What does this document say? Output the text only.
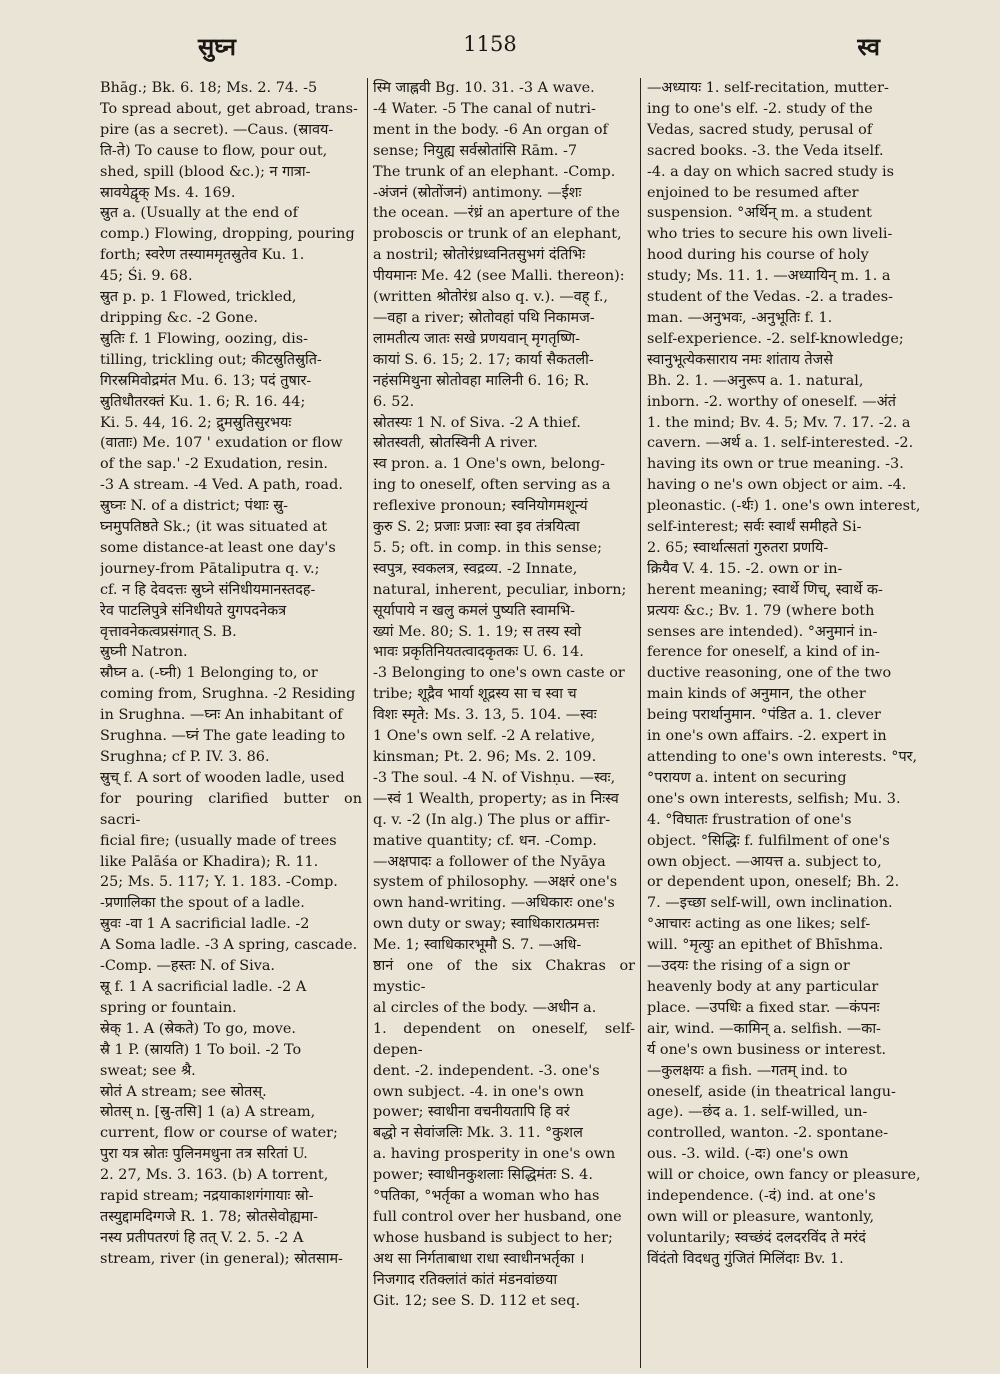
सुघ्न	1158	स्व

Bhāg.; Bk. 6. 18; Ms. 2. 74. -5

To spread about, get abroad, trans-

pire (as a secret). —Caus. (स्रावय-

ति-ते) To cause to flow, pour out,

shed, spill (blood &c.); न गात्रा-

स्रावयेद्वृक् Ms. 4. 169.

स्रुत a. (Usually at the end of

comp.) Flowing, dropping, pouring

forth; स्वरेण तस्याममृतस्रुतेव Ku. 1.

45; Śi. 9. 68.

स्रुत p. p. 1 Flowed, trickled,

dripping &c. -2 Gone.

स्रुतिः f. 1 Flowing, oozing, dis-

tilling, trickling out; कीटस्रुतिस्रुति-

गिरस्रमिवोद्रमंत Mu. 6. 13; पदं तुषार-

स्रुतिधौतरक्तं Ku. 1. 6; R. 16. 44;

Ki. 5. 44, 16. 2; द्रुमस्रुतिसुरभयः

(वाताः) Me. 107 ' exudation or flow

of the sap.' -2 Exudation, resin.

-3 A stream. -4 Ved. A path, road.

स्रुघ्नः N. of a district; पंथाः स्रु-

घ्नमुपतिष्ठते Sk.; (it was situated at

some distance-at least one day's

journey-from Pātaliputra q. v.;

cf. न हि देवदत्तः स्रुघ्ने संनिधीयमानस्तदह-

रेव पाटलिपुत्रे संनिधीयते युगपदनेकत्र

वृत्तावनेकत्वप्रसंगात् S. B.

स्रुघ्नी Natron.

स्रौघ्न a. (-घ्नी) 1 Belonging to, or

coming from, Srughna. -2 Residing

in Srughna. —घ्नः An inhabitant of

Srughna. —घ्नं The gate leading to

Srughna; cf P. IV. 3. 86.

स्रुच् f. A sort of wooden ladle, used

for pouring clarified butter on sacri-

ficial fire; (usually made of trees

like Palāśa or Khadira); R. 11.

25; Ms. 5. 117; Y. 1. 183. -Comp.

-प्रणालिका the spout of a ladle.

स्रुवः -वा 1 A sacrificial ladle. -2

A Soma ladle. -3 A spring, cascade.

-Comp. —हस्तः N. of Siva.

स्रू f. 1 A sacrificial ladle. -2 A

spring or fountain.

स्रेक् 1. A (स्रेकते) To go, move.

स्रै 1 P. (स्रायति) 1 To boil. -2 To

sweat; see श्रै.

स्रोतं A stream; see स्रोतस्.

स्रोतस् n. [स्रु-तसि] 1 (a) A stream,

current, flow or course of water;

पुरा यत्र स्रोतः पुलिनमधुना तत्र सरितां U.

2. 27, Ms. 3. 163. (b) A torrent,

rapid stream; नद्रयाकाशगंगायाः स्रो-

तस्युद्दामदिग्गजे R. 1. 78; स्रोतसेवोह्यमा-

नस्य प्रतीपतरणं हि तत् V. 2. 5. -2 A

stream, river (in general); स्रोतसाम-

स्मि जाह्नवी Bg. 10. 31. -3 A wave.

-4 Water. -5 The canal of nutri-

ment in the body. -6 An organ of

sense; नियुह्य सर्वस्रोतांसि Rām. -7

The trunk of an elephant. -Comp.

-अंजनं (स्रोतोंजनं) antimony. —ईशः

the ocean. —रंध्रं an aperture of the

proboscis or trunk of an elephant,

a nostril; स्रोतोरंध्रध्वनितसुभगं दंतिभिः

पीयमानः Me. 42 (see Malli. thereon):

(written श्रोतोरंध्र also q. v.). —वह् f.,

—वहा a river; स्रोतोवहां पथि निकामज-

लामतीत्य जातः सखे प्रणयवान् मृगतृष्णि-

कायां S. 6. 15; 2. 17; कार्या सैकतली-

नहंसमिथुना स्रोतोवहा मालिनी 6. 16; R.

6. 52.

स्रोतस्यः 1 N. of Siva. -2 A thief.

स्रोतस्वती, स्रोतस्विनी A river.

स्व pron. a. 1 One's own, belong-

ing to oneself, often serving as a

reflexive pronoun; स्वनियोगमशून्यं

कुरु S. 2; प्रजाः प्रजाः स्वा इव तंत्रयित्वा

5. 5; oft. in comp. in this sense;

स्वपुत्र, स्वकलत्र, स्वद्रव्य. -2 Innate,

natural, inherent, peculiar, inborn;

सूर्यापाये न खलु कमलं पुष्यति स्वामभि-

ख्यां Me. 80; S. 1. 19; स तस्य स्वो

भावः प्रकृतिनियतत्वादकृतकः U. 6. 14.

-3 Belonging to one's own caste or

tribe; शूद्रैव भार्या शूद्रस्य सा च स्वा च

विशः स्मृते: Ms. 3. 13, 5. 104. —स्वः

1 One's own self. -2 A relative,

kinsman; Pt. 2. 96; Ms. 2. 109.

-3 The soul. -4 N. of Vishṇu. —स्वः,

—स्वं 1 Wealth, property; as in निःस्व

q. v. -2 (In alg.) The plus or affir-

mative quantity; cf. धन. -Comp.

—अक्षपादः a follower of the Nyāya

system of philosophy. —अक्षरं one's

own hand-writing. —अधिकारः one's

own duty or sway; स्वाधिकारात्प्रमत्तः

Me. 1; स्वाधिकारभूमौ S. 7. —अधि-

ष्ठानं one of the six Chakras or mystic-

al circles of the body. —अधीन a.

1. dependent on oneself, self-depen-

dent. -2. independent. -3. one's

own subject. -4. in one's own

power; स्वाधीना वचनीयतापि हि वरं

बद्धो न सेवांजलिः Mk. 3. 11. °कुशल

a. having prosperity in one's own

power; स्वाधीनकुशलाः सिद्धिमंतः S. 4.

°पतिका, °भर्तृका a woman who has

full control over her husband, one

whose husband is subject to her;

अथ सा निर्गताबाधा राधा स्वाधीनभर्तृका ।

निजगाद रतिक्लांतं कांतं मंडनवांछया

Git. 12; see S. D. 112 et seq.

—अध्यायः 1. self-recitation, mutter-

ing to one's elf. -2. study of the

Vedas, sacred study, perusal of

sacred books. -3. the Veda itself.

-4. a day on which sacred study is

enjoined to be resumed after

suspension. °अर्थिन् m. a student

who tries to secure his own liveli-

hood during his course of holy

study; Ms. 11. 1. —अध्यायिन् m. 1. a

student of the Vedas. -2. a trades-

man. —अनुभवः, -अनुभूतिः f. 1.

self-experience. -2. self-knowledge;

स्वानुभूत्येकसाराय नमः शांताय तेजसे

Bh. 2. 1. —अनुरूप a. 1. natural,

inborn. -2. worthy of oneself. —अंतं

1. the mind; Bv. 4. 5; Mv. 7. 17. -2. a

cavern. —अर्थ a. 1. self-interested. -2.

having its own or true meaning. -3.

having o ne's own object or aim. -4.

pleonastic. (-र्थः) 1. one's own interest,

self-interest; सर्वः स्वार्थं समीहते Si-

2. 65; स्वार्थात्सतां गुरुतरा प्रणयि-

क्रियैव V. 4. 15. -2. own or in-

herent meaning; स्वार्थे णिच्, स्वार्थे क-

प्रत्ययः &c.; Bv. 1. 79 (where both

senses are intended). °अनुमानं in-

ference for oneself, a kind of in-

ductive reasoning, one of the two

main kinds of अनुमान, the other

being परार्थानुमान. °पंडित a. 1. clever

in one's own affairs. -2. expert in

attending to one's own interests. °पर,

°परायण a. intent on securing

one's own interests, selfish; Mu. 3.

4. °विघातः frustration of one's

object. °सिद्धिः f. fulfilment of one's

own object. —आयत्त a. subject to,

or dependent upon, oneself; Bh. 2.

7. —इच्छा self-will, own inclination.

°आचारः acting as one likes; self-

will. °मृत्युः an epithet of Bhīshma.

—उदयः the rising of a sign or

heavenly body at any particular

place. —उपधिः a fixed star. —कंपनः

air, wind. —कामिन् a. selfish. —का-

र्य one's own business or interest.

—कुलक्षयः a fish. —गतम् ind. to

oneself, aside (in theatrical langu-

age). —छंद a. 1. self-willed, un-

controlled, wanton. -2. spontane-

ous. -3. wild. (-दः) one's own

will or choice, own fancy or pleasure,

independence. (-दं) ind. at one's

own will or pleasure, wantonly,

voluntarily; स्वच्छंदं दलदरविंद ते मरंदं

विंदंतो विदधतु गुंजितं मिलिंदाः Bv. 1.
